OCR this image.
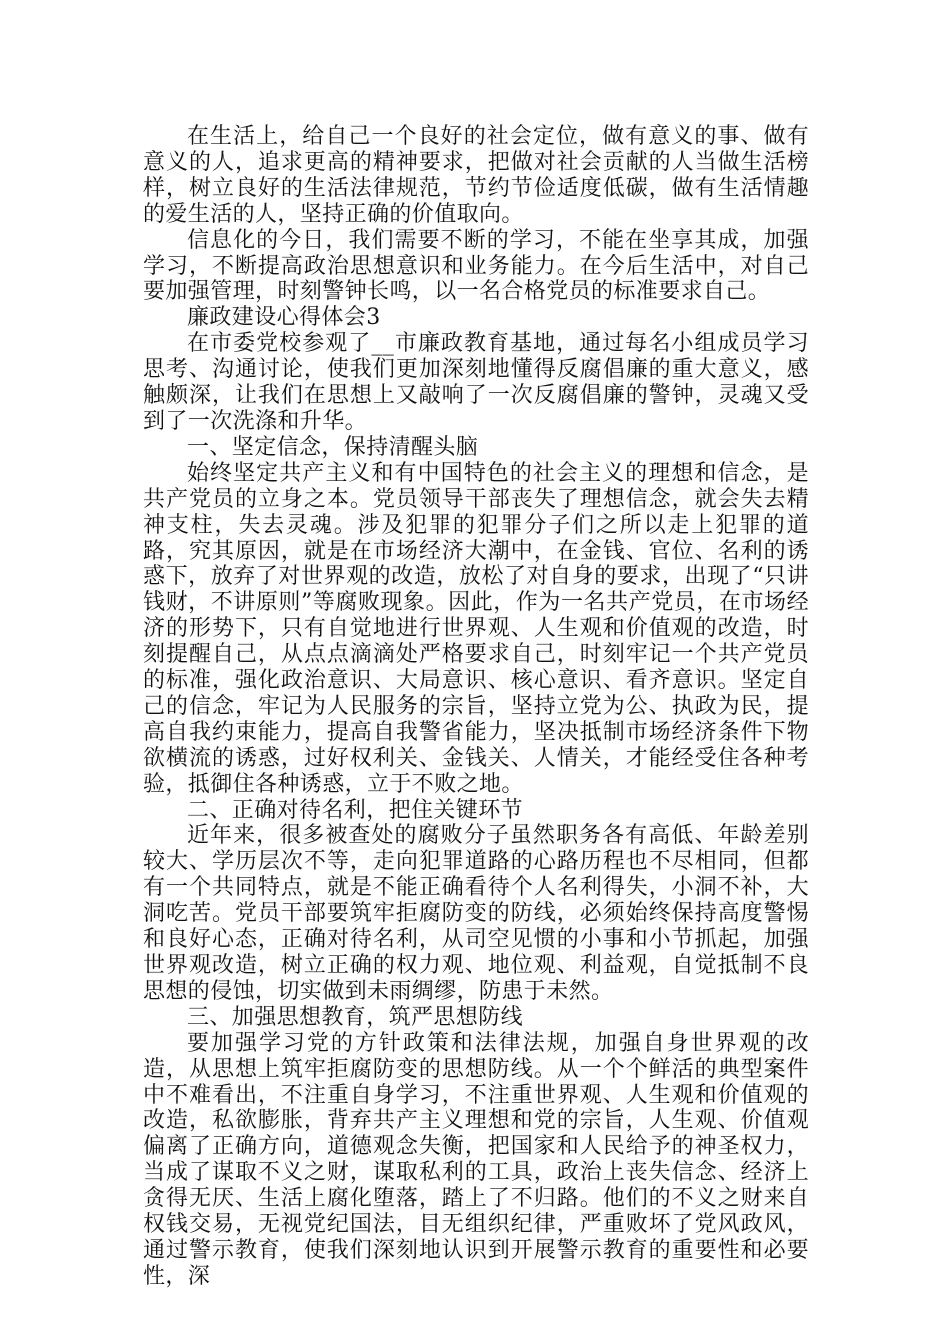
在生活上，给自己一个良好的社会定位，做有意义的事、做有意义的人，追求更高的精神要求，把做对社会贡献的人当做生活榜样，树立良好的生活法律规范，节约节俭适度低碳，做有生活情趣的爱生活的人，坚持正确的价值取向。

信息化的今日，我们需要不断的学习，不能在坐享其成，加强学习，不断提高政治思想意识和业务能力。在今后生活中，对自己要加强管理，时刻警钟长鸣，以一名合格党员的标准要求自己。

廉政建设心得体会3

在市委党校参观了__市廉政教育基地，通过每名小组成员学习思考、沟通讨论，使我们更加深刻地懂得反腐倡廉的重大意义，感触颇深，让我们在思想上又敲响了一次反腐倡廉的警钟，灵魂又受到了一次洗涤和升华。

一、坚定信念，保持清醒头脑

始终坚定共产主义和有中国特色的社会主义的理想和信念，是共产党员的立身之本。党员领导干部丧失了理想信念，就会失去精神支柱，失去灵魂。涉及犯罪的犯罪分子们之所以走上犯罪的道路，究其原因，就是在市场经济大潮中，在金钱、官位、名利的诱惑下，放弃了对世界观的改造，放松了对自身的要求，出现了“只讲钱财，不讲原则”等腐败现象。因此，作为一名共产党员，在市场经济的形势下，只有自觉地进行世界观、人生观和价值观的改造，时刻提醒自己，从点点滴滴处严格要求自己，时刻牢记一个共产党员的标准，强化政治意识、大局意识、核心意识、看齐意识。坚定自己的信念，牢记为人民服务的宗旨，坚持立党为公、执政为民，提高自我约束能力，提高自我警省能力，坚决抵制市场经济条件下物欲横流的诱惑，过好权利关、金钱关、人情关，才能经受住各种考验，抵御住各种诱惑，立于不败之地。

二、正确对待名利，把住关键环节

近年来，很多被查处的腐败分子虽然职务各有高低、年龄差别较大、学历层次不等，走向犯罪道路的心路历程也不尽相同，但都有一个共同特点，就是不能正确看待个人名利得失，小洞不补，大洞吃苦。党员干部要筑牢拒腐防变的防线，必须始终保持高度警惕和良好心态，正确对待名利，从司空见惯的小事和小节抓起，加强世界观改造，树立正确的权力观、地位观、利益观，自觉抵制不良思想的侵蚀，切实做到未雨绸缪，防患于未然。

三、加强思想教育，筑严思想防线

要加强学习党的方针政策和法律法规，加强自身世界观的改造，从思想上筑牢拒腐防变的思想防线。从一个个鲜活的典型案件中不难看出，不注重自身学习，不注重世界观、人生观和价值观的改造，私欲膨胀，背弃共产主义理想和党的宗旨，人生观、价值观偏离了正确方向，道德观念失衡，把国家和人民给予的神圣权力，当成了谋取不义之财，谋取私利的工具，政治上丧失信念、经济上贪得无厌、生活上腐化堕落，踏上了不归路。他们的不义之财来自权钱交易，无视党纪国法，目无组织纪律，严重败坏了党风政风，通过警示教育，使我们深刻地认识到开展警示教育的重要性和必要性，深
